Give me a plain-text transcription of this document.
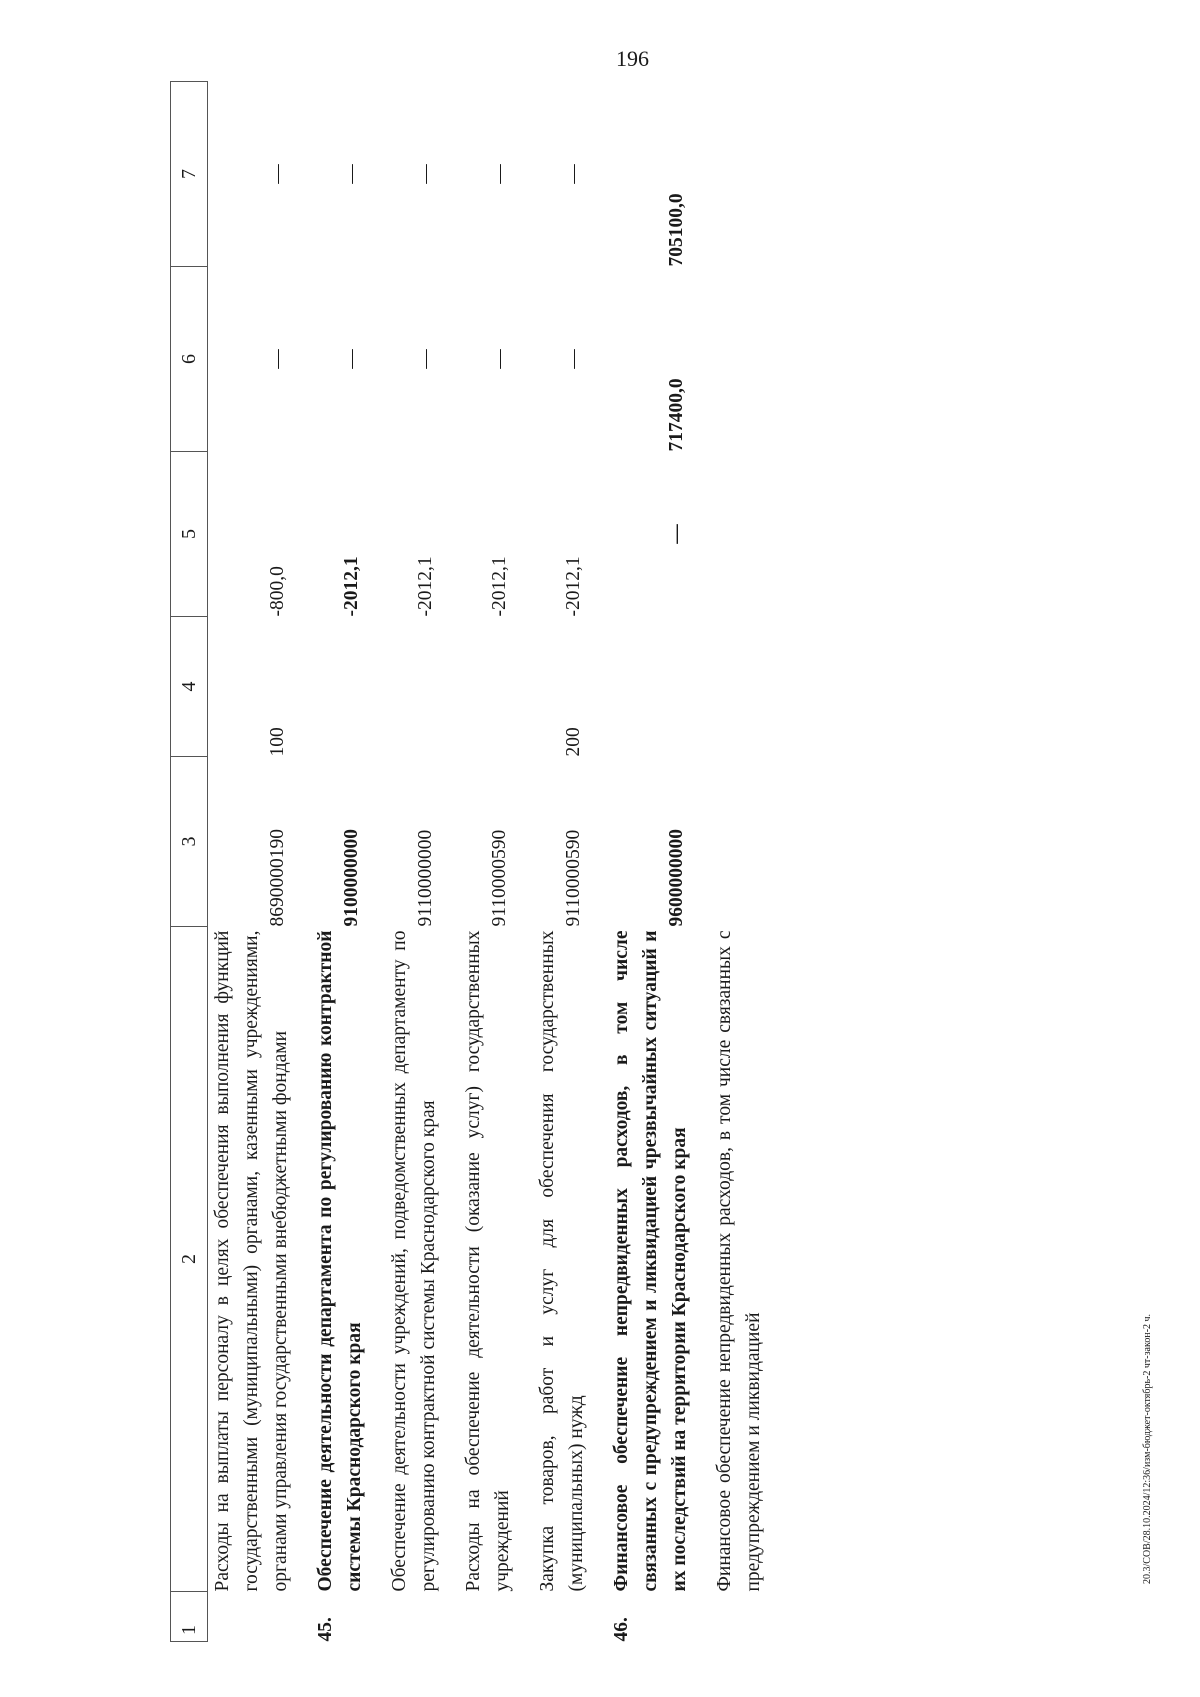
196
1	2	3	4	5	6	7

	Расходы на выплаты персоналу в целях обеспечения выполнения функций государственными (муниципальными) органами, казенными учреждениями, органами управления государственными внебюджетными фондами	8690000190	100	-800,0	—	—
45.	Обеспечение деятельности департамента по регулированию контрактной системы Краснодарского края	9100000000		-2012,1	—	—

	Обеспечение деятельности учреждений, подведомственных департаменту по регулированию контрактной системы Краснодарского края	9110000000		-2012,1	—	—

	Расходы на обеспечение деятельности (оказание услуг) государственных учреждений	9110000590		-2012,1	—	—

	Закупка товаров, работ и услуг для обеспечения государственных (муниципальных) нужд	9110000590	200	-2012,1	—	—
46.	Финансовое обеспечение непредвиденных расходов, в том числе связанных с предупреждением и ликвидацией чрезвычайных ситуаций и их последствий на территории Краснодарского края	9600000000		—	717400,0	705100,0

	Финансовое обеспечение непредвиденных расходов, в том числе связанных с предупреждением и ликвидацией					
						20.3/СОВ/28.10.2024/12:36/изм-бюджет-октябрь-2 чт-закон-2 ч.
